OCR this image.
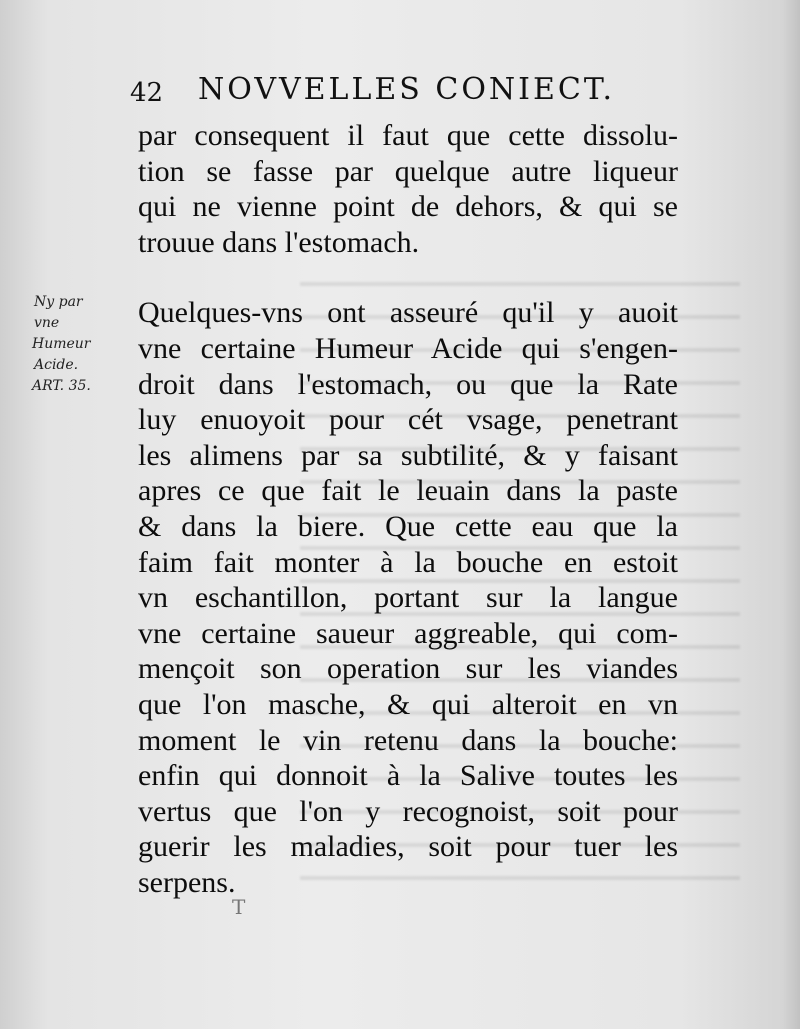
42 NOVVELLES CONIECT.
Ny par
vne
Humeur
Acide.
ART. 35.
par consequent il faut que cette dissolu-
tion se fasse par quelque autre liqueur
qui ne vienne point de dehors, & qui se
trouue dans l'estomach.
Quelques-vns ont asseuré qu'il y auoit
vne certaine Humeur Acide qui s'engen-
droit dans l'estomach, ou que la Rate
luy enuoyoit pour cét vsage, penetrant
les alimens par sa subtilité, & y faisant
apres ce que fait le leuain dans la paste
& dans la biere. Que cette eau que la
faim fait monter à la bouche en estoit
vn eschantillon, portant sur la langue
vne certaine saueur aggreable, qui com-
mençoit son operation sur les viandes
que l'on masche, & qui alteroit en vn
moment le vin retenu dans la bouche:
enfin qui donnoit à la Salive toutes les
vertus que l'on y recognoist, soit pour
guerir les maladies, soit pour tuer les
serpens.
T
